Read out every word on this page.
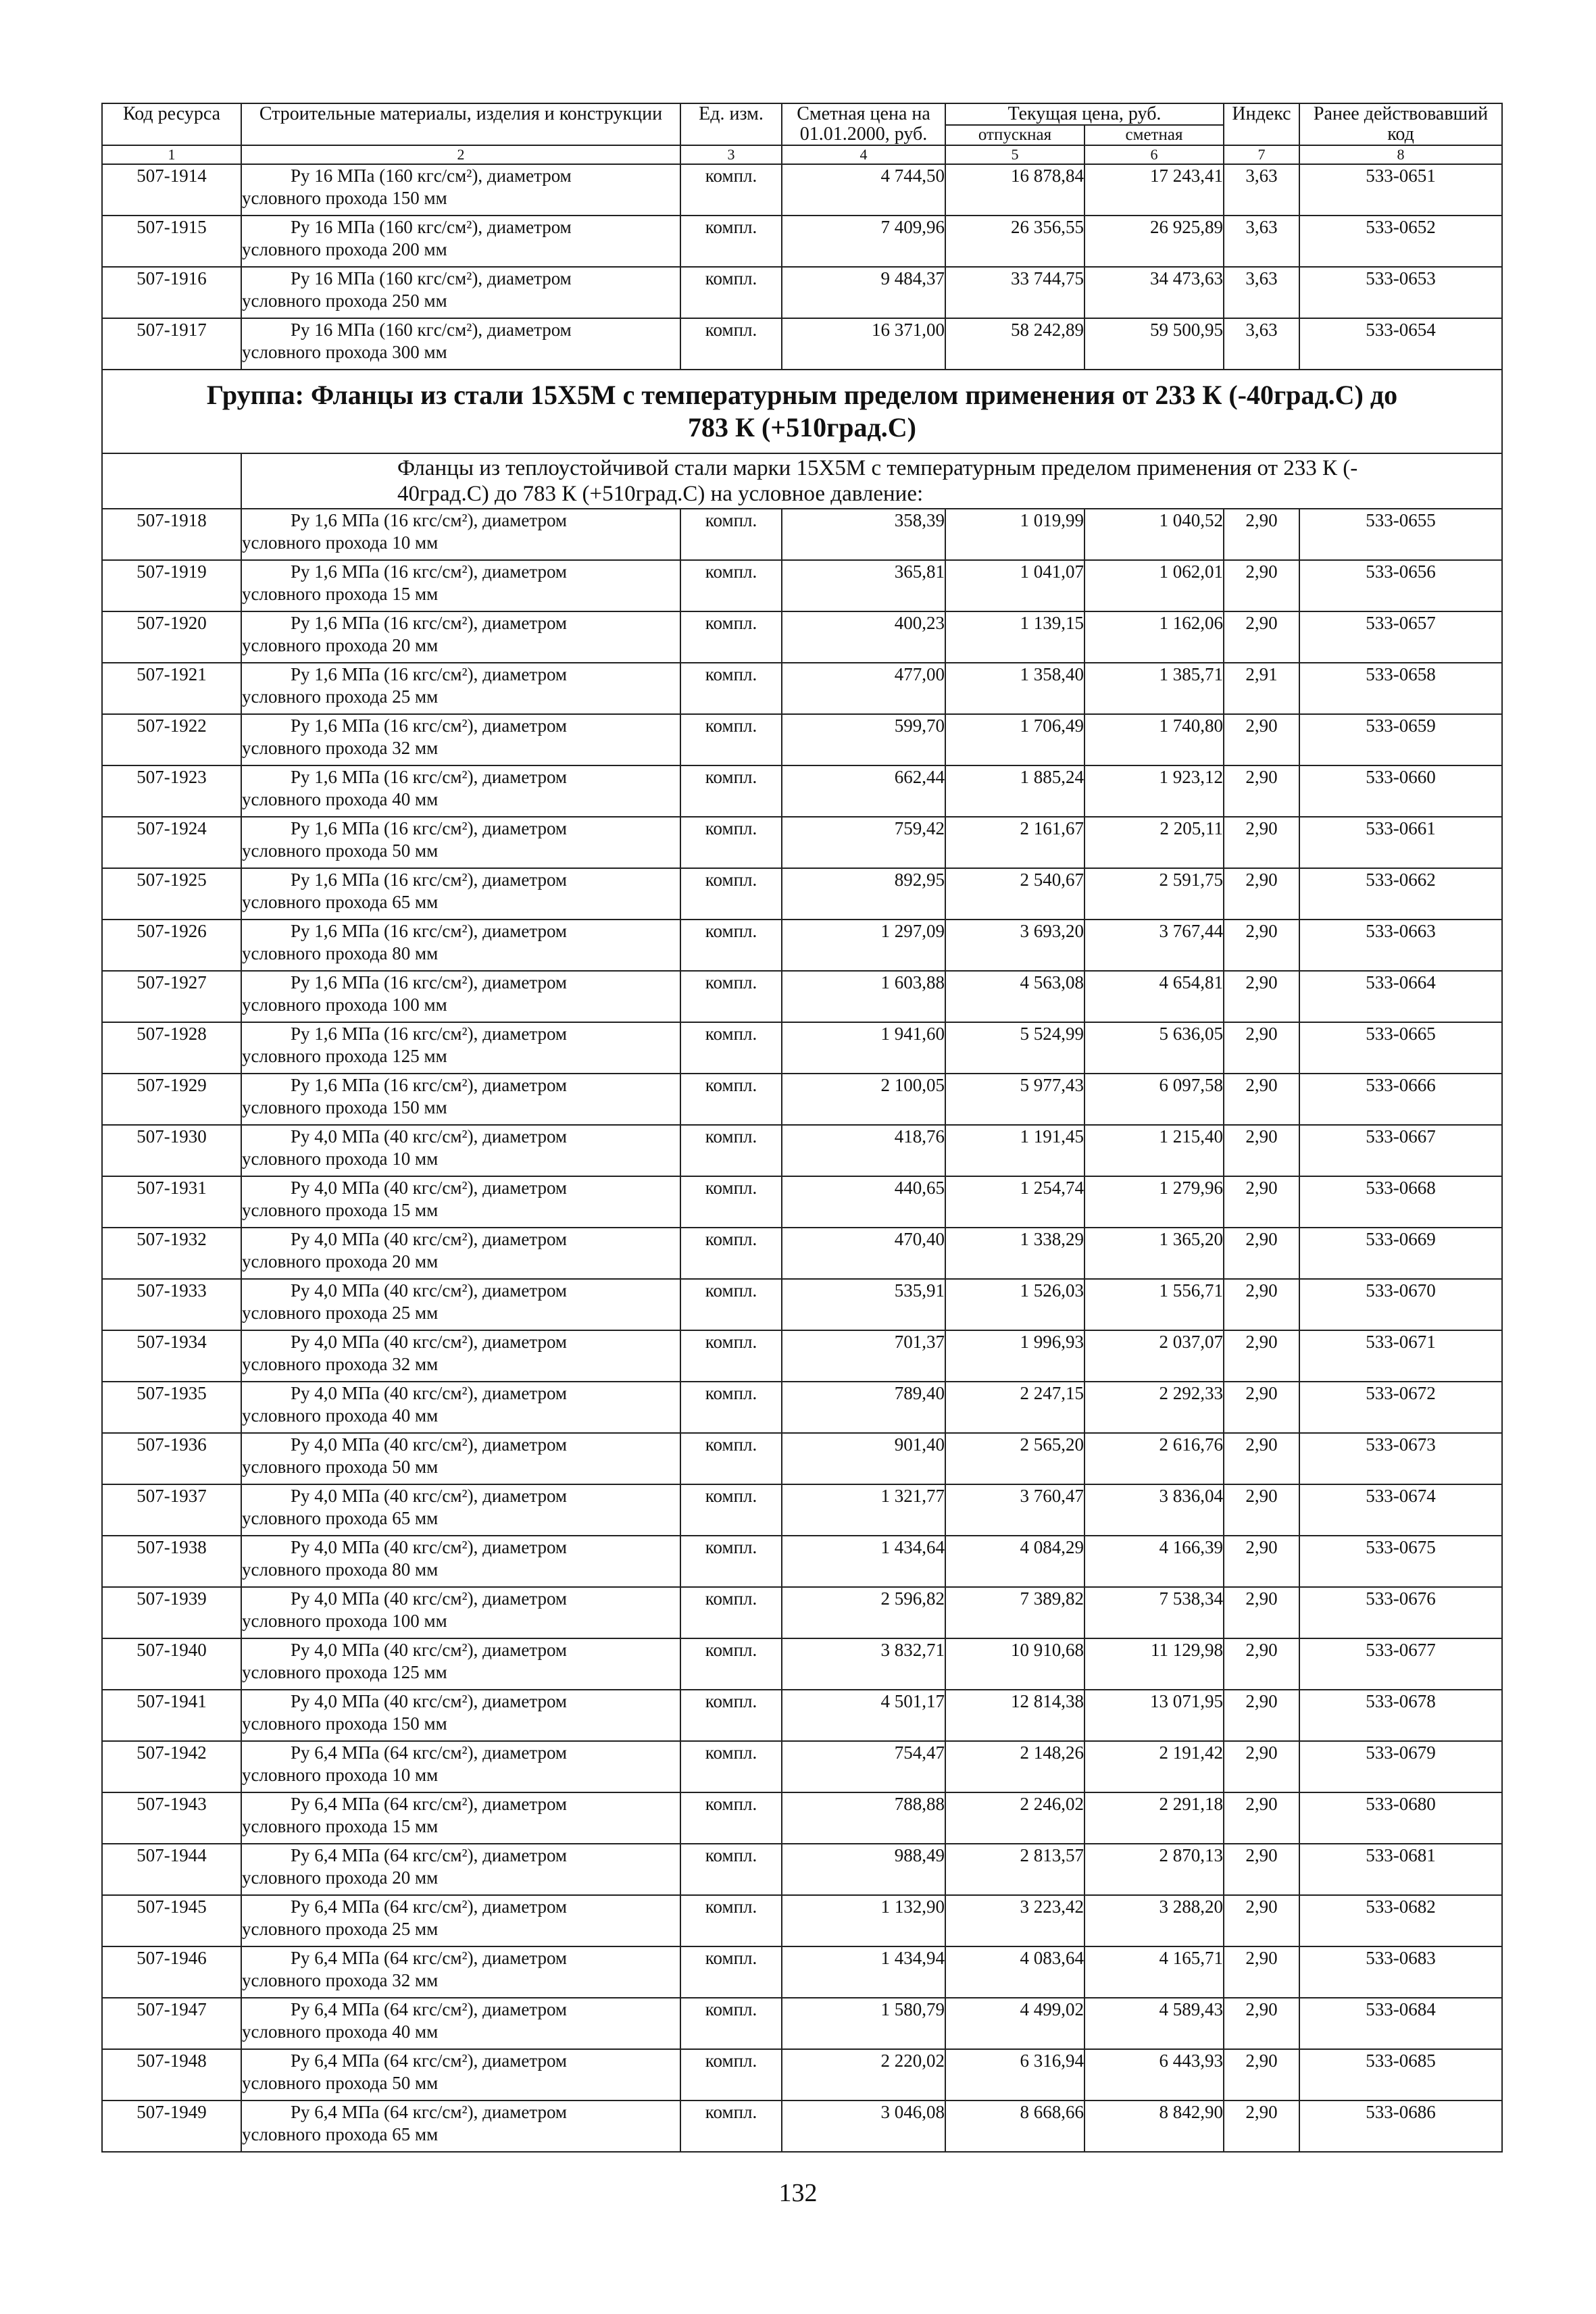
Код ресурса	Строительные материалы, изделия и конструкции	Ед. изм.	Сметная цена на 01.01.2000, руб.	Текущая цена, руб.		Индекс	Ранее действовавший код
				отпускная	сметная		
1	2	3	4	5	6	7	8
507-1914	Ру 16 МПа (160 кгс/см²), диаметром
условного прохода 150 мм	компл.	4 744,50	16 878,84	17 243,41	3,63	533-0651
507-1915	Ру 16 МПа (160 кгс/см²), диаметром
условного прохода 200 мм	компл.	7 409,96	26 356,55	26 925,89	3,63	533-0652
507-1916	Ру 16 МПа (160 кгс/см²), диаметром
условного прохода 250 мм	компл.	9 484,37	33 744,75	34 473,63	3,63	533-0653
507-1917	Ру 16 МПа (160 кгс/см²), диаметром
условного прохода 300 мм	компл.	16 371,00	58 242,89	59 500,95	3,63	533-0654

Группа: Фланцы из стали 15Х5М с температурным пределом применения от 233 К (-40град.С) до
783 К (+510град.С)							

	Фланцы из теплоустойчивой стали марки 15Х5М с температурным пределом применения от 233 К (-
40град.С) до 783 К (+510град.С) на условное давление:						

507-1918	Ру 1,6 МПа (16 кгс/см²), диаметром
условного прохода 10 мм	компл.	358,39	1 019,99	1 040,52	2,90	533-0655
507-1919	Ру 1,6 МПа (16 кгс/см²), диаметром
условного прохода 15 мм	компл.	365,81	1 041,07	1 062,01	2,90	533-0656
507-1920	Ру 1,6 МПа (16 кгс/см²), диаметром
условного прохода 20 мм	компл.	400,23	1 139,15	1 162,06	2,90	533-0657
507-1921	Ру 1,6 МПа (16 кгс/см²), диаметром
условного прохода 25 мм	компл.	477,00	1 358,40	1 385,71	2,91	533-0658
507-1922	Ру 1,6 МПа (16 кгс/см²), диаметром
условного прохода 32 мм	компл.	599,70	1 706,49	1 740,80	2,90	533-0659
507-1923	Ру 1,6 МПа (16 кгс/см²), диаметром
условного прохода 40 мм	компл.	662,44	1 885,24	1 923,12	2,90	533-0660
507-1924	Ру 1,6 МПа (16 кгс/см²), диаметром
условного прохода 50 мм	компл.	759,42	2 161,67	2 205,11	2,90	533-0661
507-1925	Ру 1,6 МПа (16 кгс/см²), диаметром
условного прохода 65 мм	компл.	892,95	2 540,67	2 591,75	2,90	533-0662
507-1926	Ру 1,6 МПа (16 кгс/см²), диаметром
условного прохода 80 мм	компл.	1 297,09	3 693,20	3 767,44	2,90	533-0663
507-1927	Ру 1,6 МПа (16 кгс/см²), диаметром
условного прохода 100 мм	компл.	1 603,88	4 563,08	4 654,81	2,90	533-0664
507-1928	Ру 1,6 МПа (16 кгс/см²), диаметром
условного прохода 125 мм	компл.	1 941,60	5 524,99	5 636,05	2,90	533-0665
507-1929	Ру 1,6 МПа (16 кгс/см²), диаметром
условного прохода 150 мм	компл.	2 100,05	5 977,43	6 097,58	2,90	533-0666
507-1930	Ру 4,0 МПа (40 кгс/см²), диаметром
условного прохода 10 мм	компл.	418,76	1 191,45	1 215,40	2,90	533-0667
507-1931	Ру 4,0 МПа (40 кгс/см²), диаметром
условного прохода 15 мм	компл.	440,65	1 254,74	1 279,96	2,90	533-0668
507-1932	Ру 4,0 МПа (40 кгс/см²), диаметром
условного прохода 20 мм	компл.	470,40	1 338,29	1 365,20	2,90	533-0669
507-1933	Ру 4,0 МПа (40 кгс/см²), диаметром
условного прохода 25 мм	компл.	535,91	1 526,03	1 556,71	2,90	533-0670
507-1934	Ру 4,0 МПа (40 кгс/см²), диаметром
условного прохода 32 мм	компл.	701,37	1 996,93	2 037,07	2,90	533-0671
507-1935	Ру 4,0 МПа (40 кгс/см²), диаметром
условного прохода 40 мм	компл.	789,40	2 247,15	2 292,33	2,90	533-0672
507-1936	Ру 4,0 МПа (40 кгс/см²), диаметром
условного прохода 50 мм	компл.	901,40	2 565,20	2 616,76	2,90	533-0673
507-1937	Ру 4,0 МПа (40 кгс/см²), диаметром
условного прохода 65 мм	компл.	1 321,77	3 760,47	3 836,04	2,90	533-0674
507-1938	Ру 4,0 МПа (40 кгс/см²), диаметром
условного прохода 80 мм	компл.	1 434,64	4 084,29	4 166,39	2,90	533-0675
507-1939	Ру 4,0 МПа (40 кгс/см²), диаметром
условного прохода 100 мм	компл.	2 596,82	7 389,82	7 538,34	2,90	533-0676
507-1940	Ру 4,0 МПа (40 кгс/см²), диаметром
условного прохода 125 мм	компл.	3 832,71	10 910,68	11 129,98	2,90	533-0677
507-1941	Ру 4,0 МПа (40 кгс/см²), диаметром
условного прохода 150 мм	компл.	4 501,17	12 814,38	13 071,95	2,90	533-0678
507-1942	Ру 6,4 МПа (64 кгс/см²), диаметром
условного прохода 10 мм	компл.	754,47	2 148,26	2 191,42	2,90	533-0679
507-1943	Ру 6,4 МПа (64 кгс/см²), диаметром
условного прохода 15 мм	компл.	788,88	2 246,02	2 291,18	2,90	533-0680
507-1944	Ру 6,4 МПа (64 кгс/см²), диаметром
условного прохода 20 мм	компл.	988,49	2 813,57	2 870,13	2,90	533-0681
507-1945	Ру 6,4 МПа (64 кгс/см²), диаметром
условного прохода 25 мм	компл.	1 132,90	3 223,42	3 288,20	2,90	533-0682
507-1946	Ру 6,4 МПа (64 кгс/см²), диаметром
условного прохода 32 мм	компл.	1 434,94	4 083,64	4 165,71	2,90	533-0683
507-1947	Ру 6,4 МПа (64 кгс/см²), диаметром
условного прохода 40 мм	компл.	1 580,79	4 499,02	4 589,43	2,90	533-0684
507-1948	Ру 6,4 МПа (64 кгс/см²), диаметром
условного прохода 50 мм	компл.	2 220,02	6 316,94	6 443,93	2,90	533-0685
507-1949	Ру 6,4 МПа (64 кгс/см²), диаметром
условного прохода 65 мм	компл.	3 046,08	8 668,66	8 842,90	2,90	533-0686
132
